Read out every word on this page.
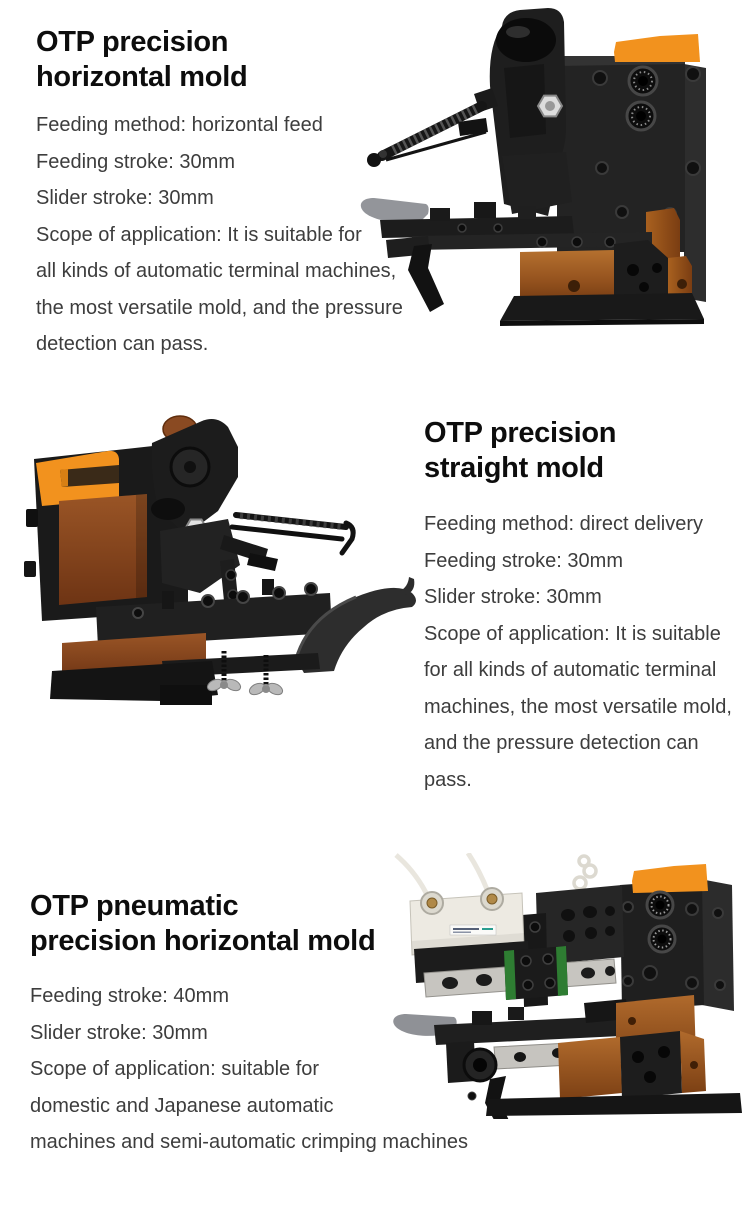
OTP precision
horizontal mold
Feeding method: horizontal feed
Feeding stroke: 30mm
Slider stroke: 30mm
Scope of application: It is suitable for
all kinds of automatic terminal machines,
the most versatile mold, and the pressure
detection can pass.
OTP precision
straight mold
Feeding method: direct delivery
Feeding stroke: 30mm
Slider stroke: 30mm
Scope of application: It is suitable
for all kinds of automatic terminal
machines, the most versatile mold,
and the pressure detection can
pass.
OTP pneumatic
precision horizontal mold
Feeding stroke: 40mm
Slider stroke: 30mm
Scope of application: suitable for
domestic and Japanese automatic
machines and semi-automatic crimping machines
